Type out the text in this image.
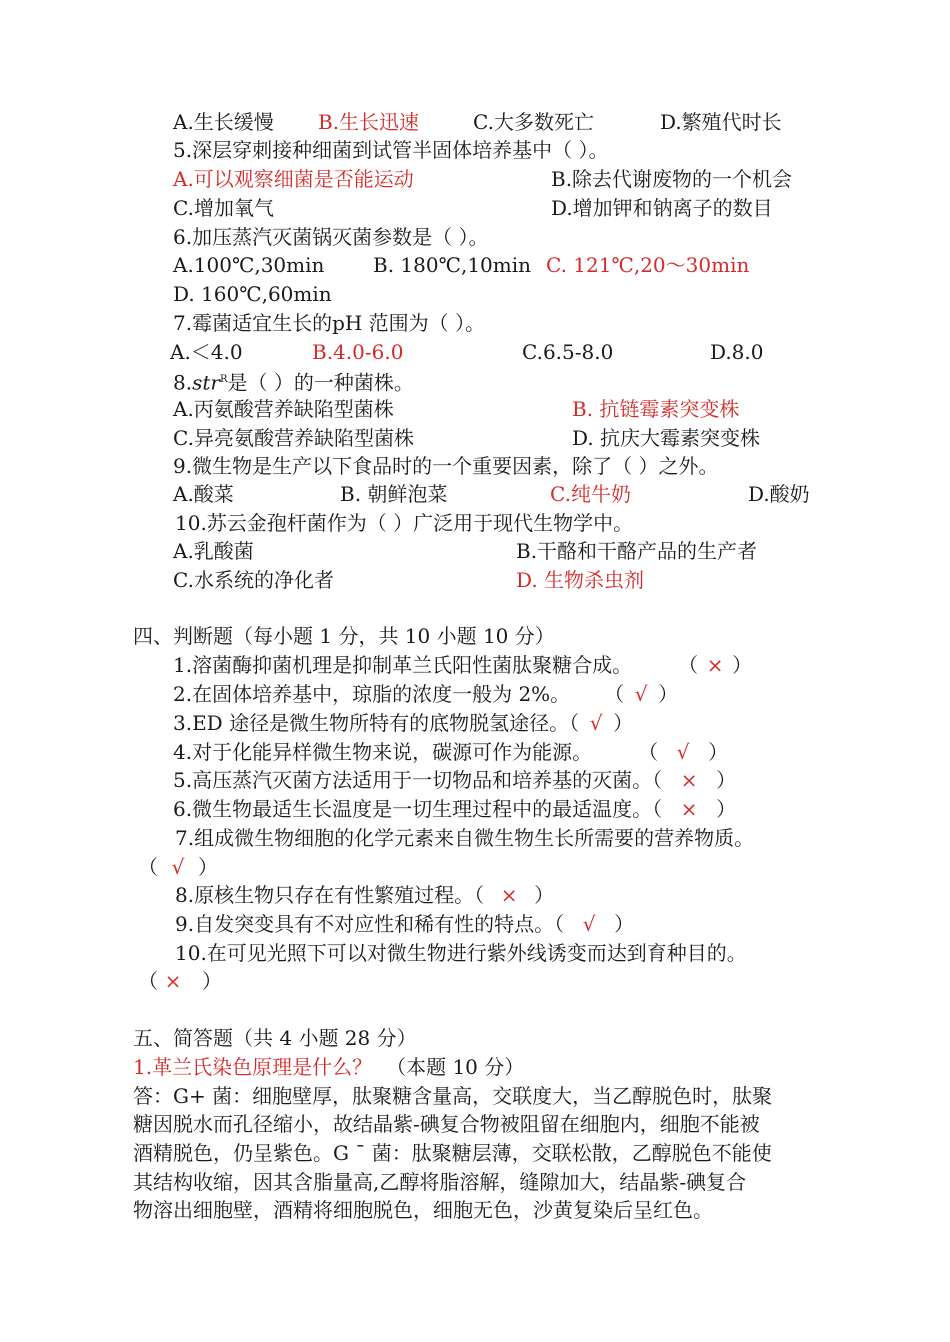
A.生长缓慢 B.生长迅速	C.大多数死亡	D.繁殖代时长
5.深层穿刺接种细菌到试管半固体培养基中（ ）。
A.可以观察细菌是否能运动	B.除去代谢废物的一个机会
C.增加氧气	D.增加钾和钠离子的数目
6.加压蒸汽灭菌锅灭菌参数是（ ）。
A.100℃,30min B. 180℃,10min C. 121℃,20～30min
D. 160℃,60min
7.霉菌适宜生长的pH 范围为（ ）。
A.＜4.0	B.4.0-6.0	C.6.5-8.0	D.8.0
8.str$^R$是（ ）的一种菌株。
A.丙氨酸营养缺陷型菌株	B. 抗链霉素突变株
C.异亮氨酸营养缺陷型菌株	D. 抗庆大霉素突变株
9.微生物是生产以下食品时的一个重要因素，除了（ ）之外。
A.酸菜	B. 朝鲜泡菜	C.纯牛奶	D.酸奶
10.苏云金孢杆菌作为（ ）广泛用于现代生物学中。
A.乳酸菌	B.干酪和干酪产品的生产者
C.水系统的净化者	D. 生物杀虫剂
四、判断题（每小题 1 分，共 10 小题 10 分）
1.溶菌酶抑菌机理是抑制革兰氏阳性菌肽聚糖合成。 （ × ）
2.在固体培养基中，琼脂的浓度一般为 2%。 （ √ ）
3.ED 途径是微生物所特有的底物脱氢途径。（ √ ）
4.对于化能异样微生物来说，碳源可作为能源。 （ √ ）
5.高压蒸汽灭菌方法适用于一切物品和培养基的灭菌。（ × ）
6.微生物最适生长温度是一切生理过程中的最适温度。（ × ）
7.组成微生物细胞的化学元素来自微生物生长所需要的营养物质。
（ √ ）
8.原核生物只存在有性繁殖过程。（ × ）
9.自发突变具有不对应性和稀有性的特点。（ √ ）
10.在可见光照下可以对微生物进行紫外线诱变而达到育种目的。
（ × ）
五、简答题（共 4 小题 28 分）
1.革兰氏染色原理是什么？ （本题 10 分）
答：G+ 菌：细胞壁厚，肽聚糖含量高，交联度大，当乙醇脱色时，肽聚
糖因脱水而孔径缩小，故结晶紫-碘复合物被阻留在细胞内，细胞不能被
酒精脱色，仍呈紫色。G ¯ 菌：肽聚糖层薄，交联松散，乙醇脱色不能使
其结构收缩，因其含脂量高,乙醇将脂溶解，缝隙加大，结晶紫-碘复合
物溶出细胞壁，酒精将细胞脱色，细胞无色，沙黄复染后呈红色。
